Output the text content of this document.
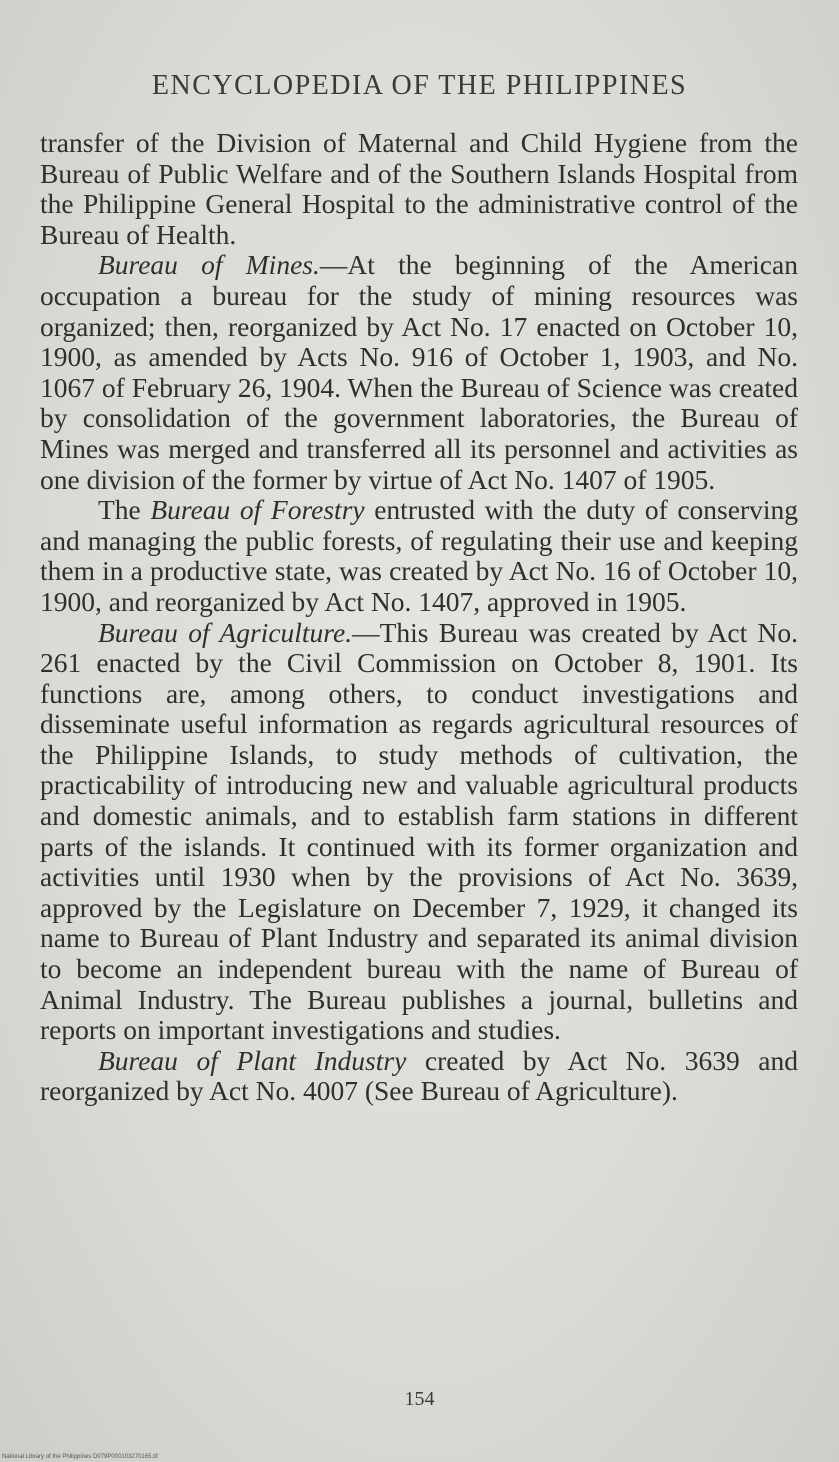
ENCYCLOPEDIA OF THE PHILIPPINES

transfer of the Division of Maternal and Child Hygiene from the Bureau of Public Welfare and of the Southern Islands Hospital from the Philippine General Hospital to the administrative control of the Bureau of Health.

Bureau of Mines.—At the beginning of the American occupation a bureau for the study of mining resources was organized; then, reorganized by Act No. 17 enacted on October 10, 1900, as amended by Acts No. 916 of October 1, 1903, and No. 1067 of February 26, 1904. When the Bureau of Science was created by consolidation of the government laboratories, the Bureau of Mines was merged and transferred all its personnel and activities as one division of the former by virtue of Act No. 1407 of 1905.

The Bureau of Forestry entrusted with the duty of conserving and managing the public forests, of regulating their use and keeping them in a productive state, was created by Act No. 16 of October 10, 1900, and reorganized by Act No. 1407, approved in 1905.

Bureau of Agriculture.—This Bureau was created by Act No. 261 enacted by the Civil Commission on October 8, 1901. Its functions are, among others, to conduct investigations and disseminate useful information as regards agricultural resources of the Philippine Islands, to study methods of cultivation, the practicability of introducing new and valuable agricultural products and domestic animals, and to establish farm stations in different parts of the islands. It continued with its former organization and activities until 1930 when by the provisions of Act No. 3639, approved by the Legislature on December 7, 1929, it changed its name to Bureau of Plant Industry and separated its animal division to become an independent bureau with the name of Bureau of Animal Industry. The Bureau publishes a journal, bulletins and reports on important investigations and studies.

Bureau of Plant Industry created by Act No. 3639 and reorganized by Act No. 4007 (See Bureau of Agriculture).

154
National Library of the Philippines D079P000103270165.tif
